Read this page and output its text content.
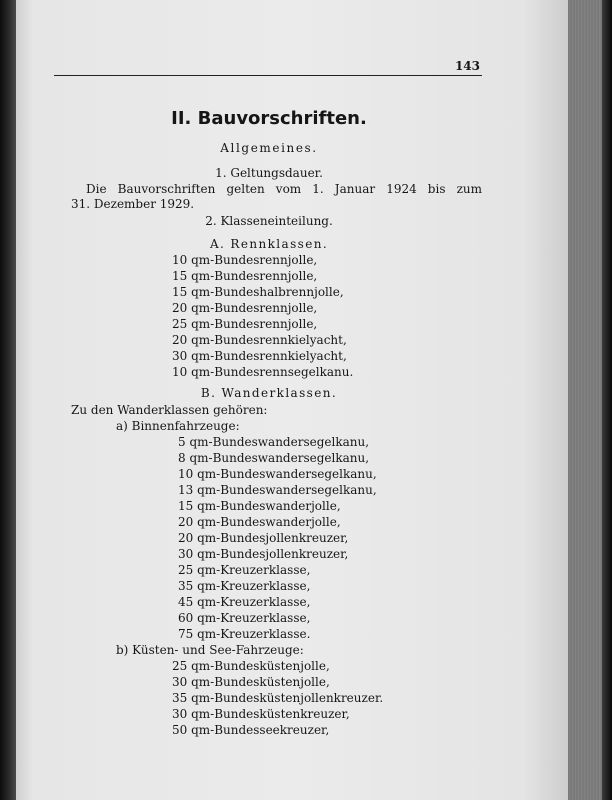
143
II. Bauvorschriften.
Allgemeines.
1. Geltungsdauer.
Die Bauvorschriften gelten vom 1. Januar 1924 bis zum
31. Dezember 1929.
2. Klasseneinteilung.
A. Rennklassen.
10 qm-Bundesrennjolle,
15 qm-Bundesrennjolle,
15 qm-Bundeshalbrennjolle,
20 qm-Bundesrennjolle,
25 qm-Bundesrennjolle,
20 qm-Bundesrennkielyacht,
30 qm-Bundesrennkielyacht,
10 qm-Bundesrennsegelkanu.
B. Wanderklassen.
Zu den Wanderklassen gehören:
a) Binnenfahrzeuge:
5 qm-Bundeswandersegelkanu,
8 qm-Bundeswandersegelkanu,
10 qm-Bundeswandersegelkanu,
13 qm-Bundeswandersegelkanu,
15 qm-Bundeswanderjolle,
20 qm-Bundeswanderjolle,
20 qm-Bundesjollenkreuzer,
30 qm-Bundesjollenkreuzer,
25 qm-Kreuzerklasse,
35 qm-Kreuzerklasse,
45 qm-Kreuzerklasse,
60 qm-Kreuzerklasse,
75 qm-Kreuzerklasse.
b) Küsten- und See-Fahrzeuge:
25 qm-Bundesküstenjolle,
30 qm-Bundesküstenjolle,
35 qm-Bundesküstenjollenkreuzer.
30 qm-Bundesküstenkreuzer,
50 qm-Bundesseekreuzer,
